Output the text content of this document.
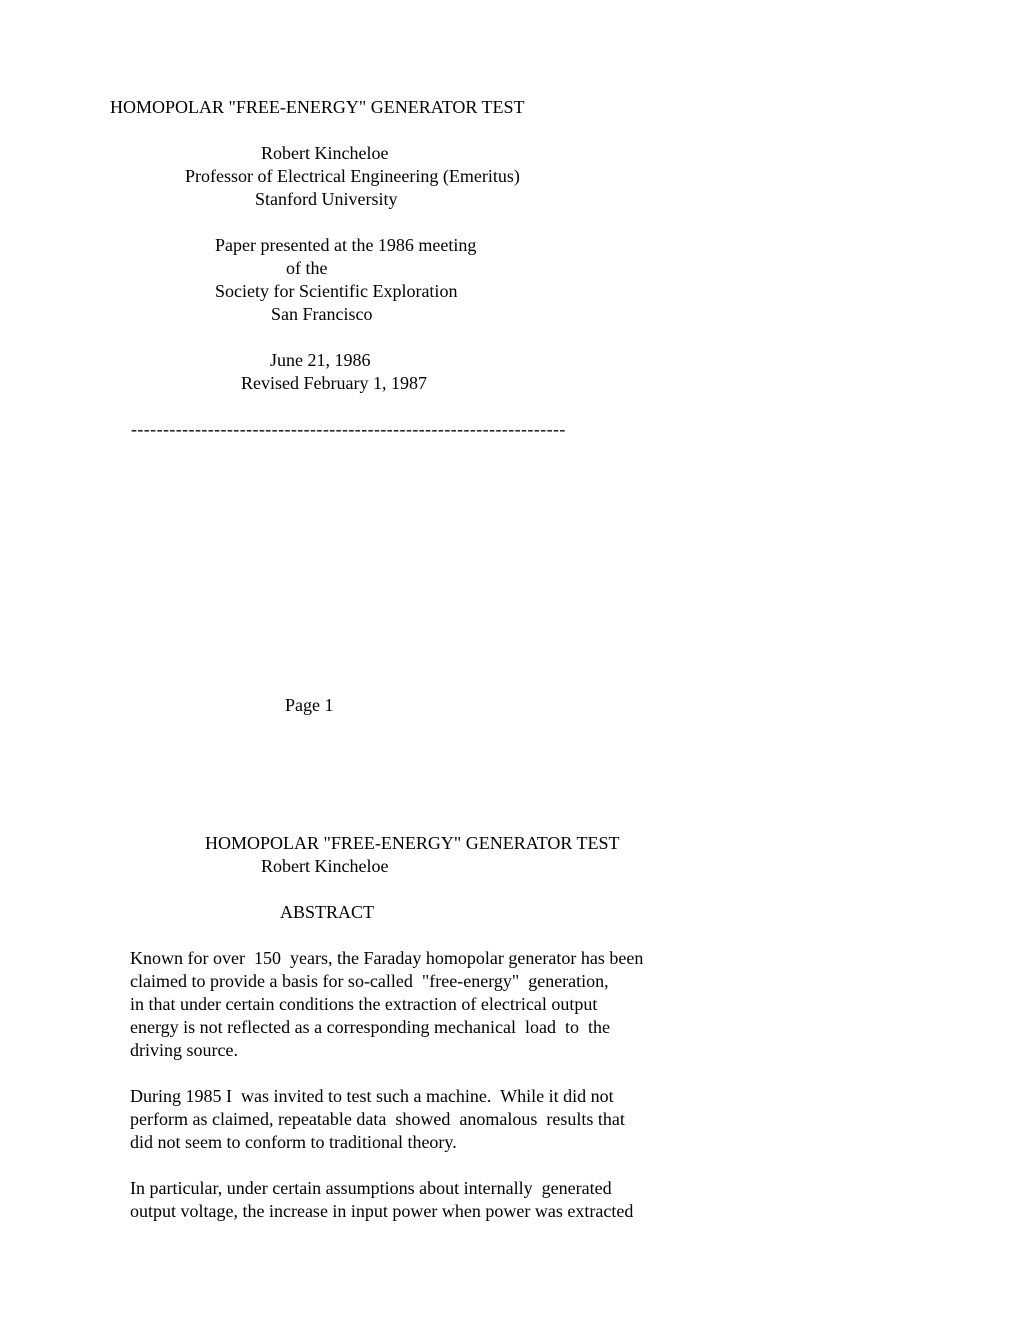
HOMOPOLAR "FREE-ENERGY" GENERATOR TEST

Robert Kincheloe

Professor of Electrical Engineering (Emeritus)

Stanford University

Paper presented at the 1986 meeting

of the

Society for Scientific Exploration

San Francisco

June 21, 1986

Revised February 1, 1987

--------------------------------------------------------------------

Page 1

HOMOPOLAR "FREE-ENERGY" GENERATOR TEST

Robert Kincheloe

ABSTRACT

Known for over  150  years, the Faraday homopolar generator has been

claimed to provide a basis for so-called  "free-energy"  generation,

in that under certain conditions the extraction of electrical output

energy is not reflected as a corresponding mechanical  load  to  the

driving source.

During 1985 I  was invited to test such a machine.  While it did not

perform as claimed, repeatable data  showed  anomalous  results that

did not seem to conform to traditional theory.

In particular, under certain assumptions about internally  generated

output voltage, the increase in input power when power was extracted
